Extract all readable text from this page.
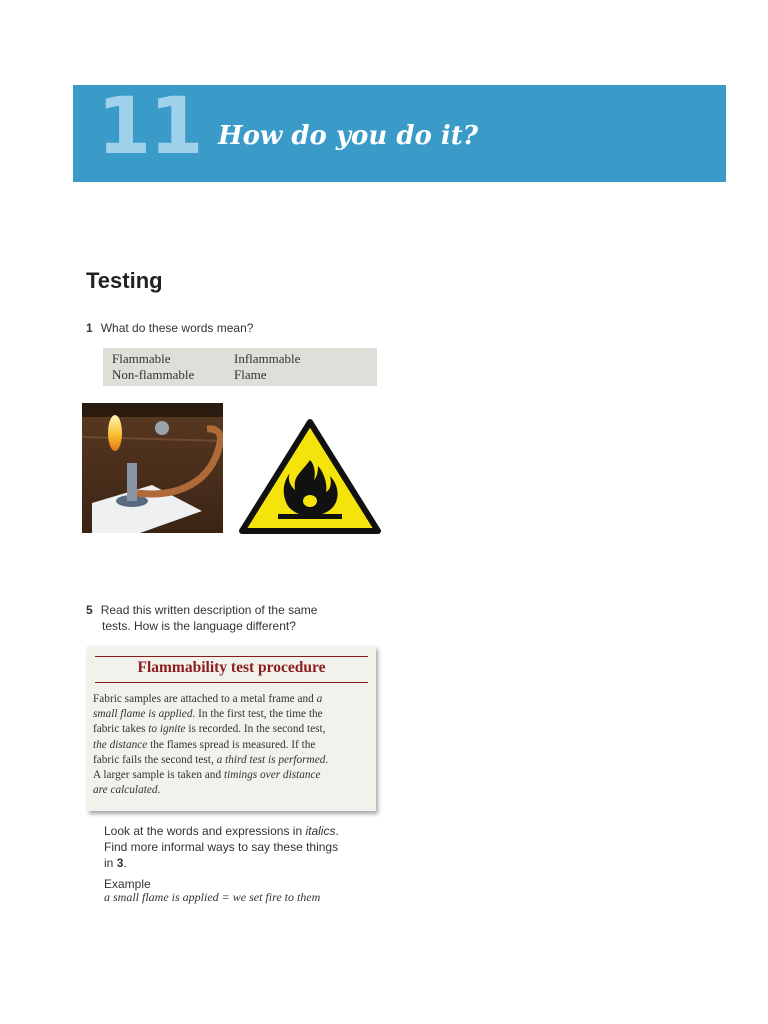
11 How do you do it?
Testing
1 What do these words mean?
Flammable	Inflammable
Non-flammable	Flame
5 Read this written description of the same
tests. How is the language different?
Flammability test procedure
Fabric samples are attached to a metal frame and a
small flame is applied. In the first test, the time the
fabric takes to ignite is recorded. In the second test,
the distance the flames spread is measured. If the
fabric fails the second test, a third test is performed.
A larger sample is taken and timings over distance
are calculated.
Look at the words and expressions in italics.
Find more informal ways to say these things
in 3.
Example
a small flame is applied = we set fire to them
